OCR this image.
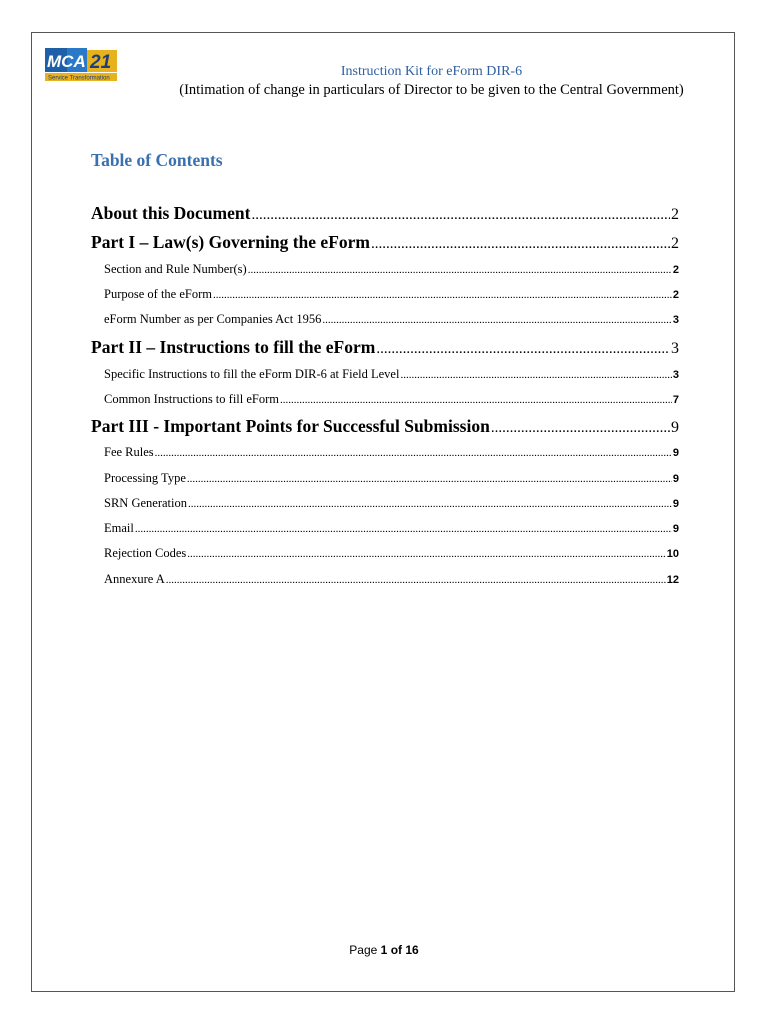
MCA 21
Service Transformation	Instruction Kit for eForm DIR-6
(Intimation of change in particulars of Director to be given to the Central Government)
Table of Contents
About this Document .....	2
Part I – Law(s) Governing the eForm .....	2
Section and Rule Number(s) .....	2
Purpose of the eForm .....	2
eForm Number as per Companies Act 1956 .....	3
Part II – Instructions to fill the eForm .....	3
Specific Instructions to fill the eForm DIR-6 at Field Level .....	3
Common Instructions to fill eForm .....	7
Part III - Important Points for Successful Submission .....	9
Fee Rules .....	9
Processing Type .....	9
SRN Generation .....	9
Email .....	9
Rejection Codes .....	10
Annexure A .....	12
Page 1 of 16
